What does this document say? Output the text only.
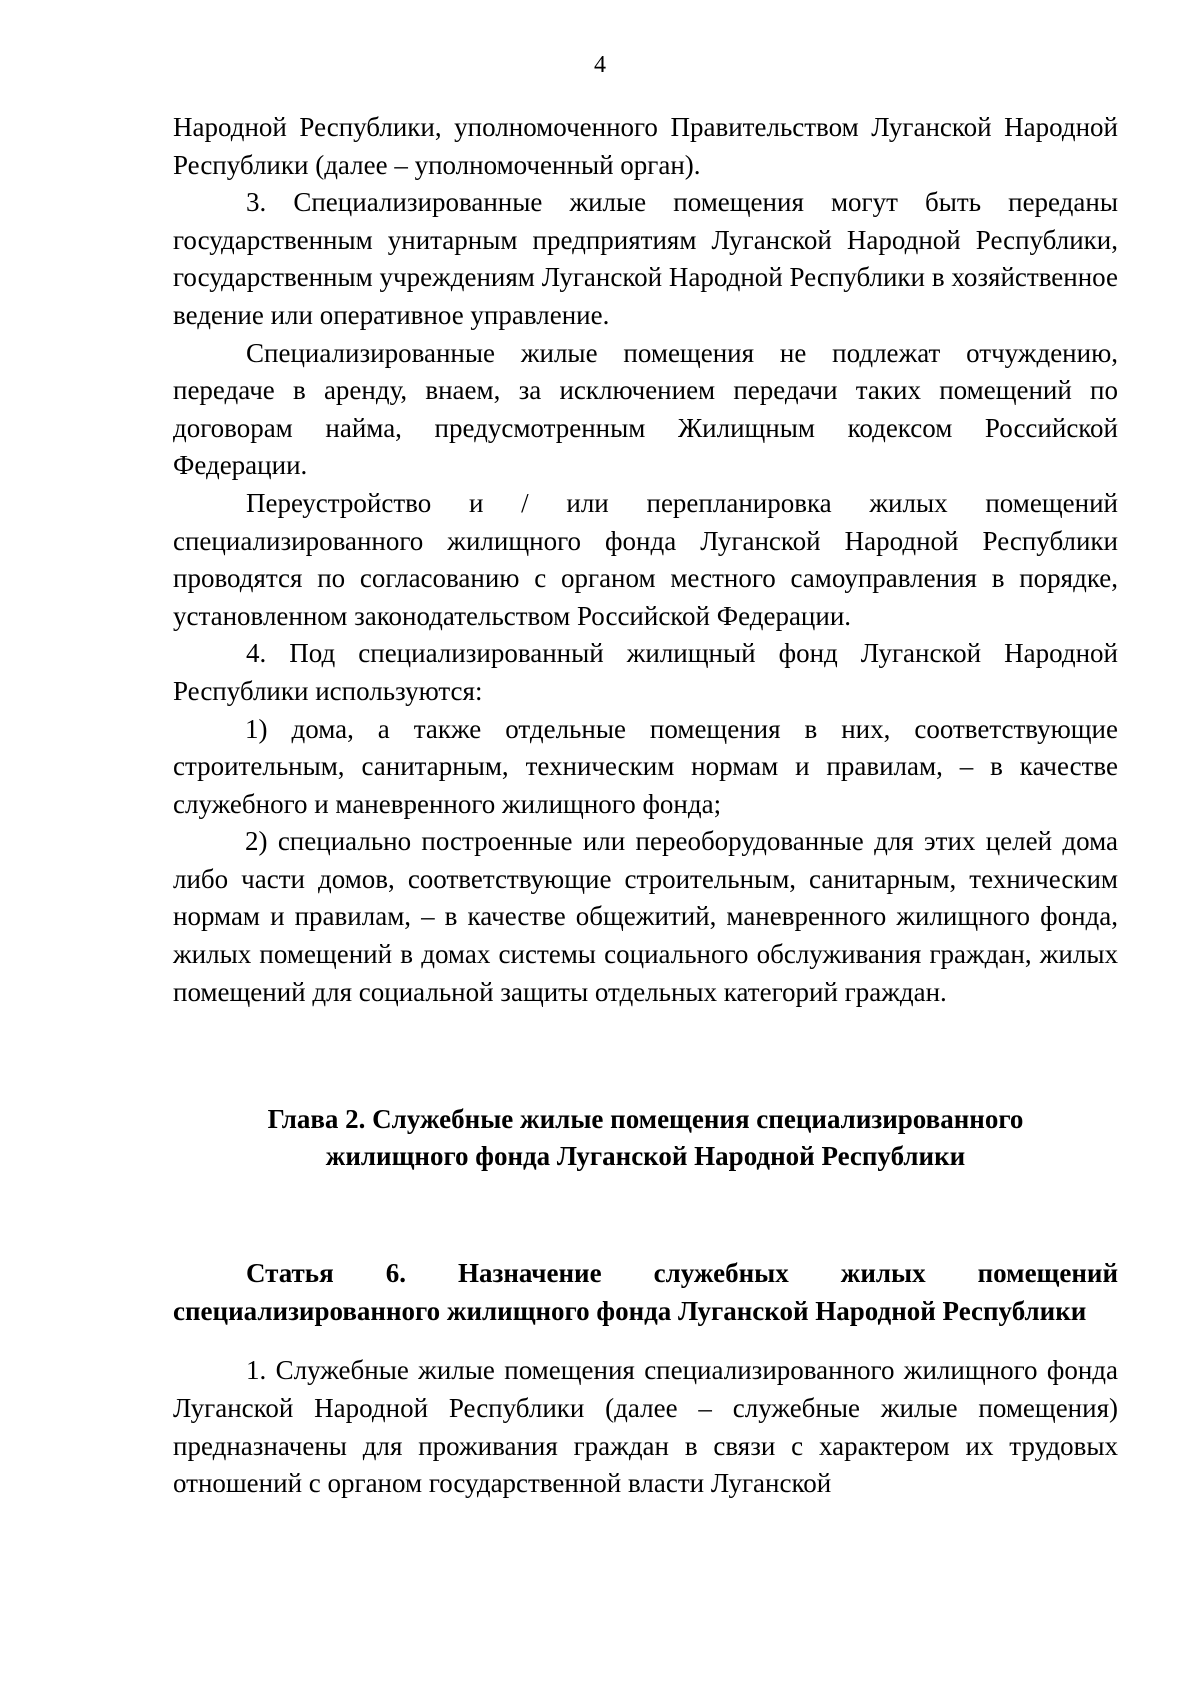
4

Народной Республики, уполномоченного Правительством Луганской Народной Республики (далее – уполномоченный орган).

3. Специализированные жилые помещения могут быть переданы государственным унитарным предприятиям Луганской Народной Республики, государственным учреждениям Луганской Народной Республики в хозяйственное ведение или оперативное управление.

Специализированные жилые помещения не подлежат отчуждению, передаче в аренду, внаем, за исключением передачи таких помещений по договорам найма, предусмотренным Жилищным кодексом Российской Федерации.

Переустройство и / или перепланировка жилых помещений специализированного жилищного фонда Луганской Народной Республики проводятся по согласованию с органом местного самоуправления в порядке, установленном законодательством Российской Федерации.

4. Под специализированный жилищный фонд Луганской Народной Республики используются:

1) дома, а также отдельные помещения в них, соответствующие строительным, санитарным, техническим нормам и правилам, – в качестве служебного и маневренного жилищного фонда;

2) специально построенные или переоборудованные для этих целей дома либо части домов, соответствующие строительным, санитарным, техническим нормам и правилам, – в качестве общежитий, маневренного жилищного фонда, жилых помещений в домах системы социального обслуживания граждан, жилых помещений для социальной защиты отдельных категорий граждан.

Глава 2. Служебные жилые помещения специализированного
жилищного фонда Луганской Народной Республики

Статья 6. Назначение служебных жилых помещений специализированного жилищного фонда Луганской Народной Республики

1. Служебные жилые помещения специализированного жилищного фонда Луганской Народной Республики (далее – служебные жилые помещения) предназначены для проживания граждан в связи с характером их трудовых отношений с органом государственной власти Луганской
